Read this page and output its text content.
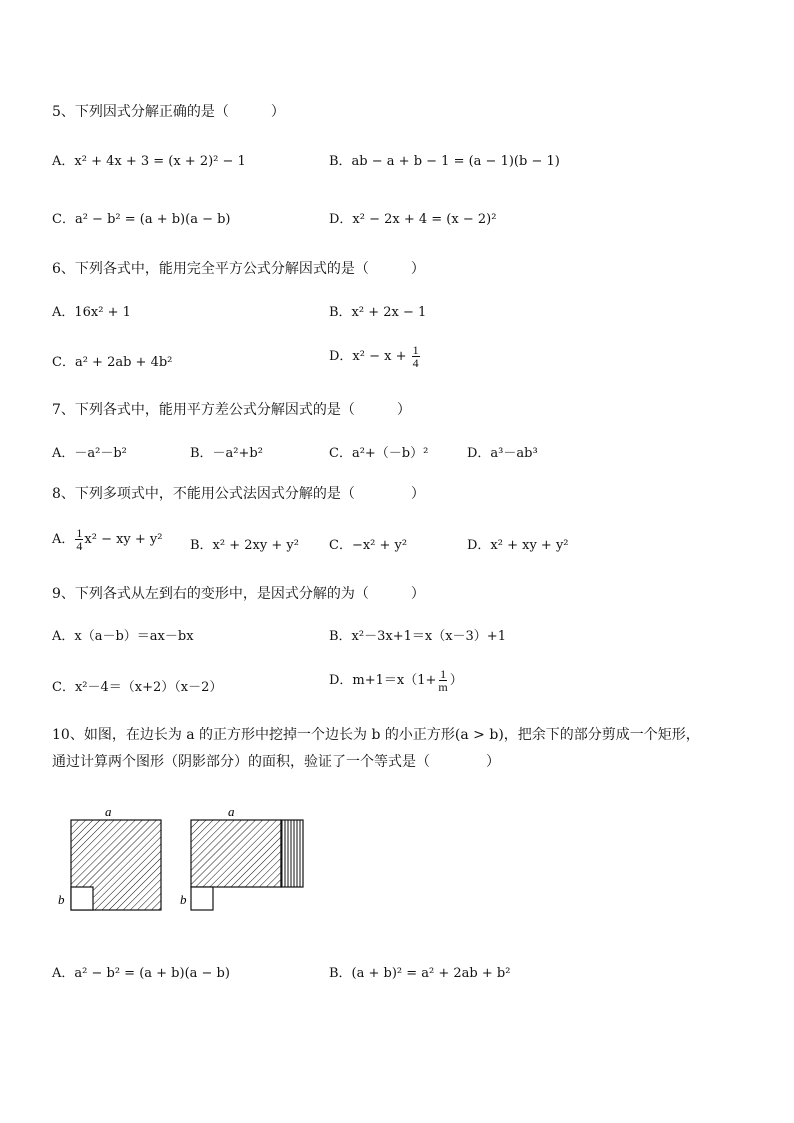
5、下列因式分解正确的是（　　　）
A．x² + 4x + 3 = (x + 2)² − 1	B．ab − a + b − 1 = (a − 1)(b − 1)
C．a² − b² = (a + b)(a − b)	D．x² − 2x + 4 = (x − 2)²
6、下列各式中，能用完全平方公式分解因式的是（　　　）
A．16x² + 1	B．x² + 2x − 1
C．a² + 2ab + 4b²	D．$x^2 - x + \frac{1}{4}$
7、下列各式中，能用平方差公式分解因式的是（　　　）
A．－a²－b²	B．－a²+b²	C．a²+（－b）²	D．a³－ab³
8、下列多项式中，不能用公式法因式分解的是（　　　　）
A． $\frac{1}{4} x^2$ − xy + y² B．x² + 2xy + y² C．−x² + y²	D．x² + xy + y²
9、下列各式从左到右的变形中，是因式分解的为（　　　）
A．x（a－b）＝ax－bx	B．x²－3x+1＝x（x－3）+1
C．x²－4＝（x+2）（x－2）	D．$m+1=x(1+ \frac{1}{m}$ ）
10、如图，在边长为 a 的正方形中挖掉一个边长为 b 的小正方形(a > b)，把余下的部分剪成一个矩形，
通过计算两个图形（阴影部分）的面积，验证了一个等式是（　　　　）
a
b
a
b
A．a² − b² = (a + b)(a − b)	B．(a + b)² = a² + 2ab + b²
